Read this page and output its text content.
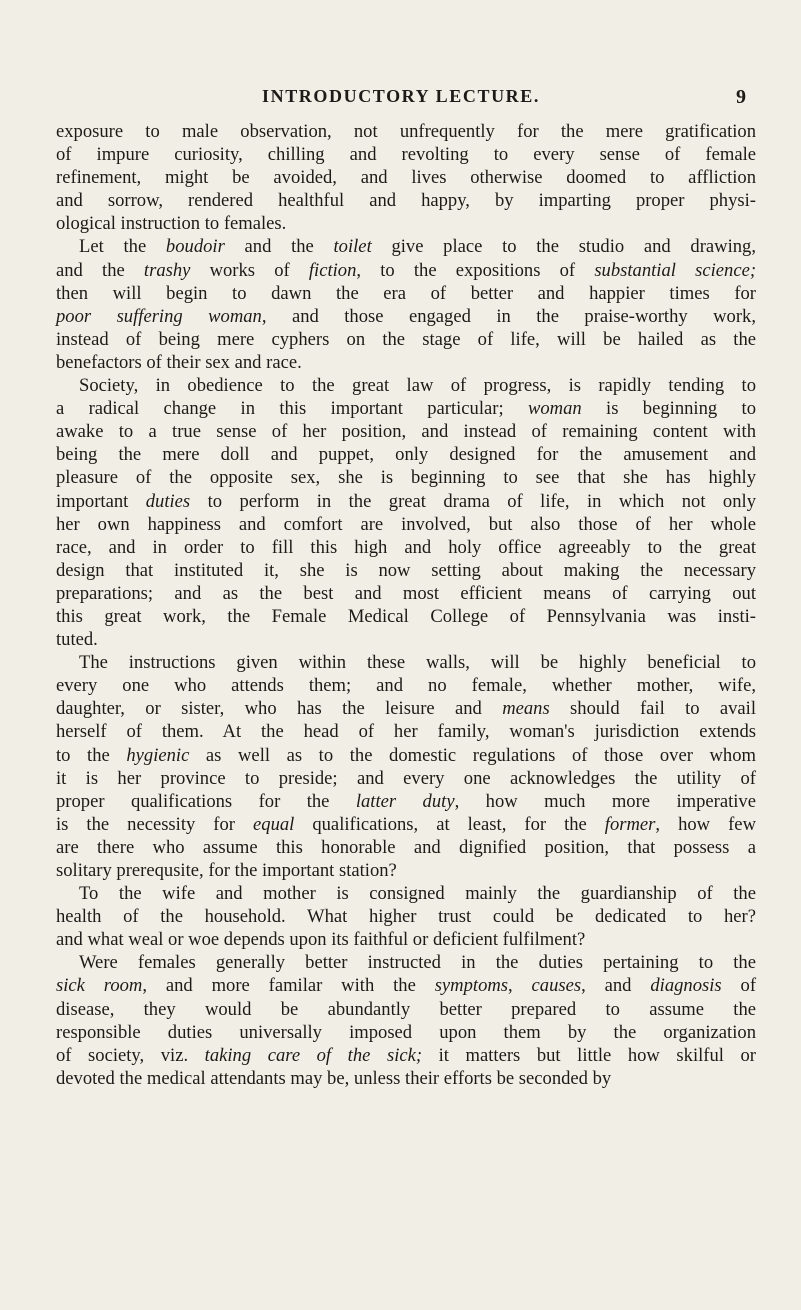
INTRODUCTORY LECTURE.	9
exposure to male observation, not unfrequently for the mere gratification
of impure curiosity, chilling and revolting to every sense of female
refinement, might be avoided, and lives otherwise doomed to affliction
and sorrow, rendered healthful and happy, by imparting proper physi-
ological instruction to females.
Let the boudoir and the toilet give place to the studio and drawing,
and the trashy works of fiction, to the expositions of substantial science;
then will begin to dawn the era of better and happier times for
poor suffering woman, and those engaged in the praise-worthy work,
instead of being mere cyphers on the stage of life, will be hailed as the
benefactors of their sex and race.
Society, in obedience to the great law of progress, is rapidly tending to
a radical change in this important particular; woman is beginning to
awake to a true sense of her position, and instead of remaining content with
being the mere doll and puppet, only designed for the amusement and
pleasure of the opposite sex, she is beginning to see that she has highly
important duties to perform in the great drama of life, in which not only
her own happiness and comfort are involved, but also those of her whole
race, and in order to fill this high and holy office agreeably to the great
design that instituted it, she is now setting about making the necessary
preparations; and as the best and most efficient means of carrying out
this great work, the Female Medical College of Pennsylvania was insti-
tuted.
The instructions given within these walls, will be highly beneficial to
every one who attends them; and no female, whether mother, wife,
daughter, or sister, who has the leisure and means should fail to avail
herself of them. At the head of her family, woman's jurisdiction extends
to the hygienic as well as to the domestic regulations of those over whom
it is her province to preside; and every one acknowledges the utility of
proper qualifications for the latter duty, how much more imperative
is the necessity for equal qualifications, at least, for the former, how few
are there who assume this honorable and dignified position, that possess a
solitary prerequsite, for the important station?
To the wife and mother is consigned mainly the guardianship of the
health of the household. What higher trust could be dedicated to her?
and what weal or woe depends upon its faithful or deficient fulfilment?
Were females generally better instructed in the duties pertaining to the
sick room, and more familar with the symptoms, causes, and diagnosis of
disease, they would be abundantly better prepared to assume the
responsible duties universally imposed upon them by the organization
of society, viz. taking care of the sick; it matters but little how skilful or
devoted the medical attendants may be, unless their efforts be seconded by
